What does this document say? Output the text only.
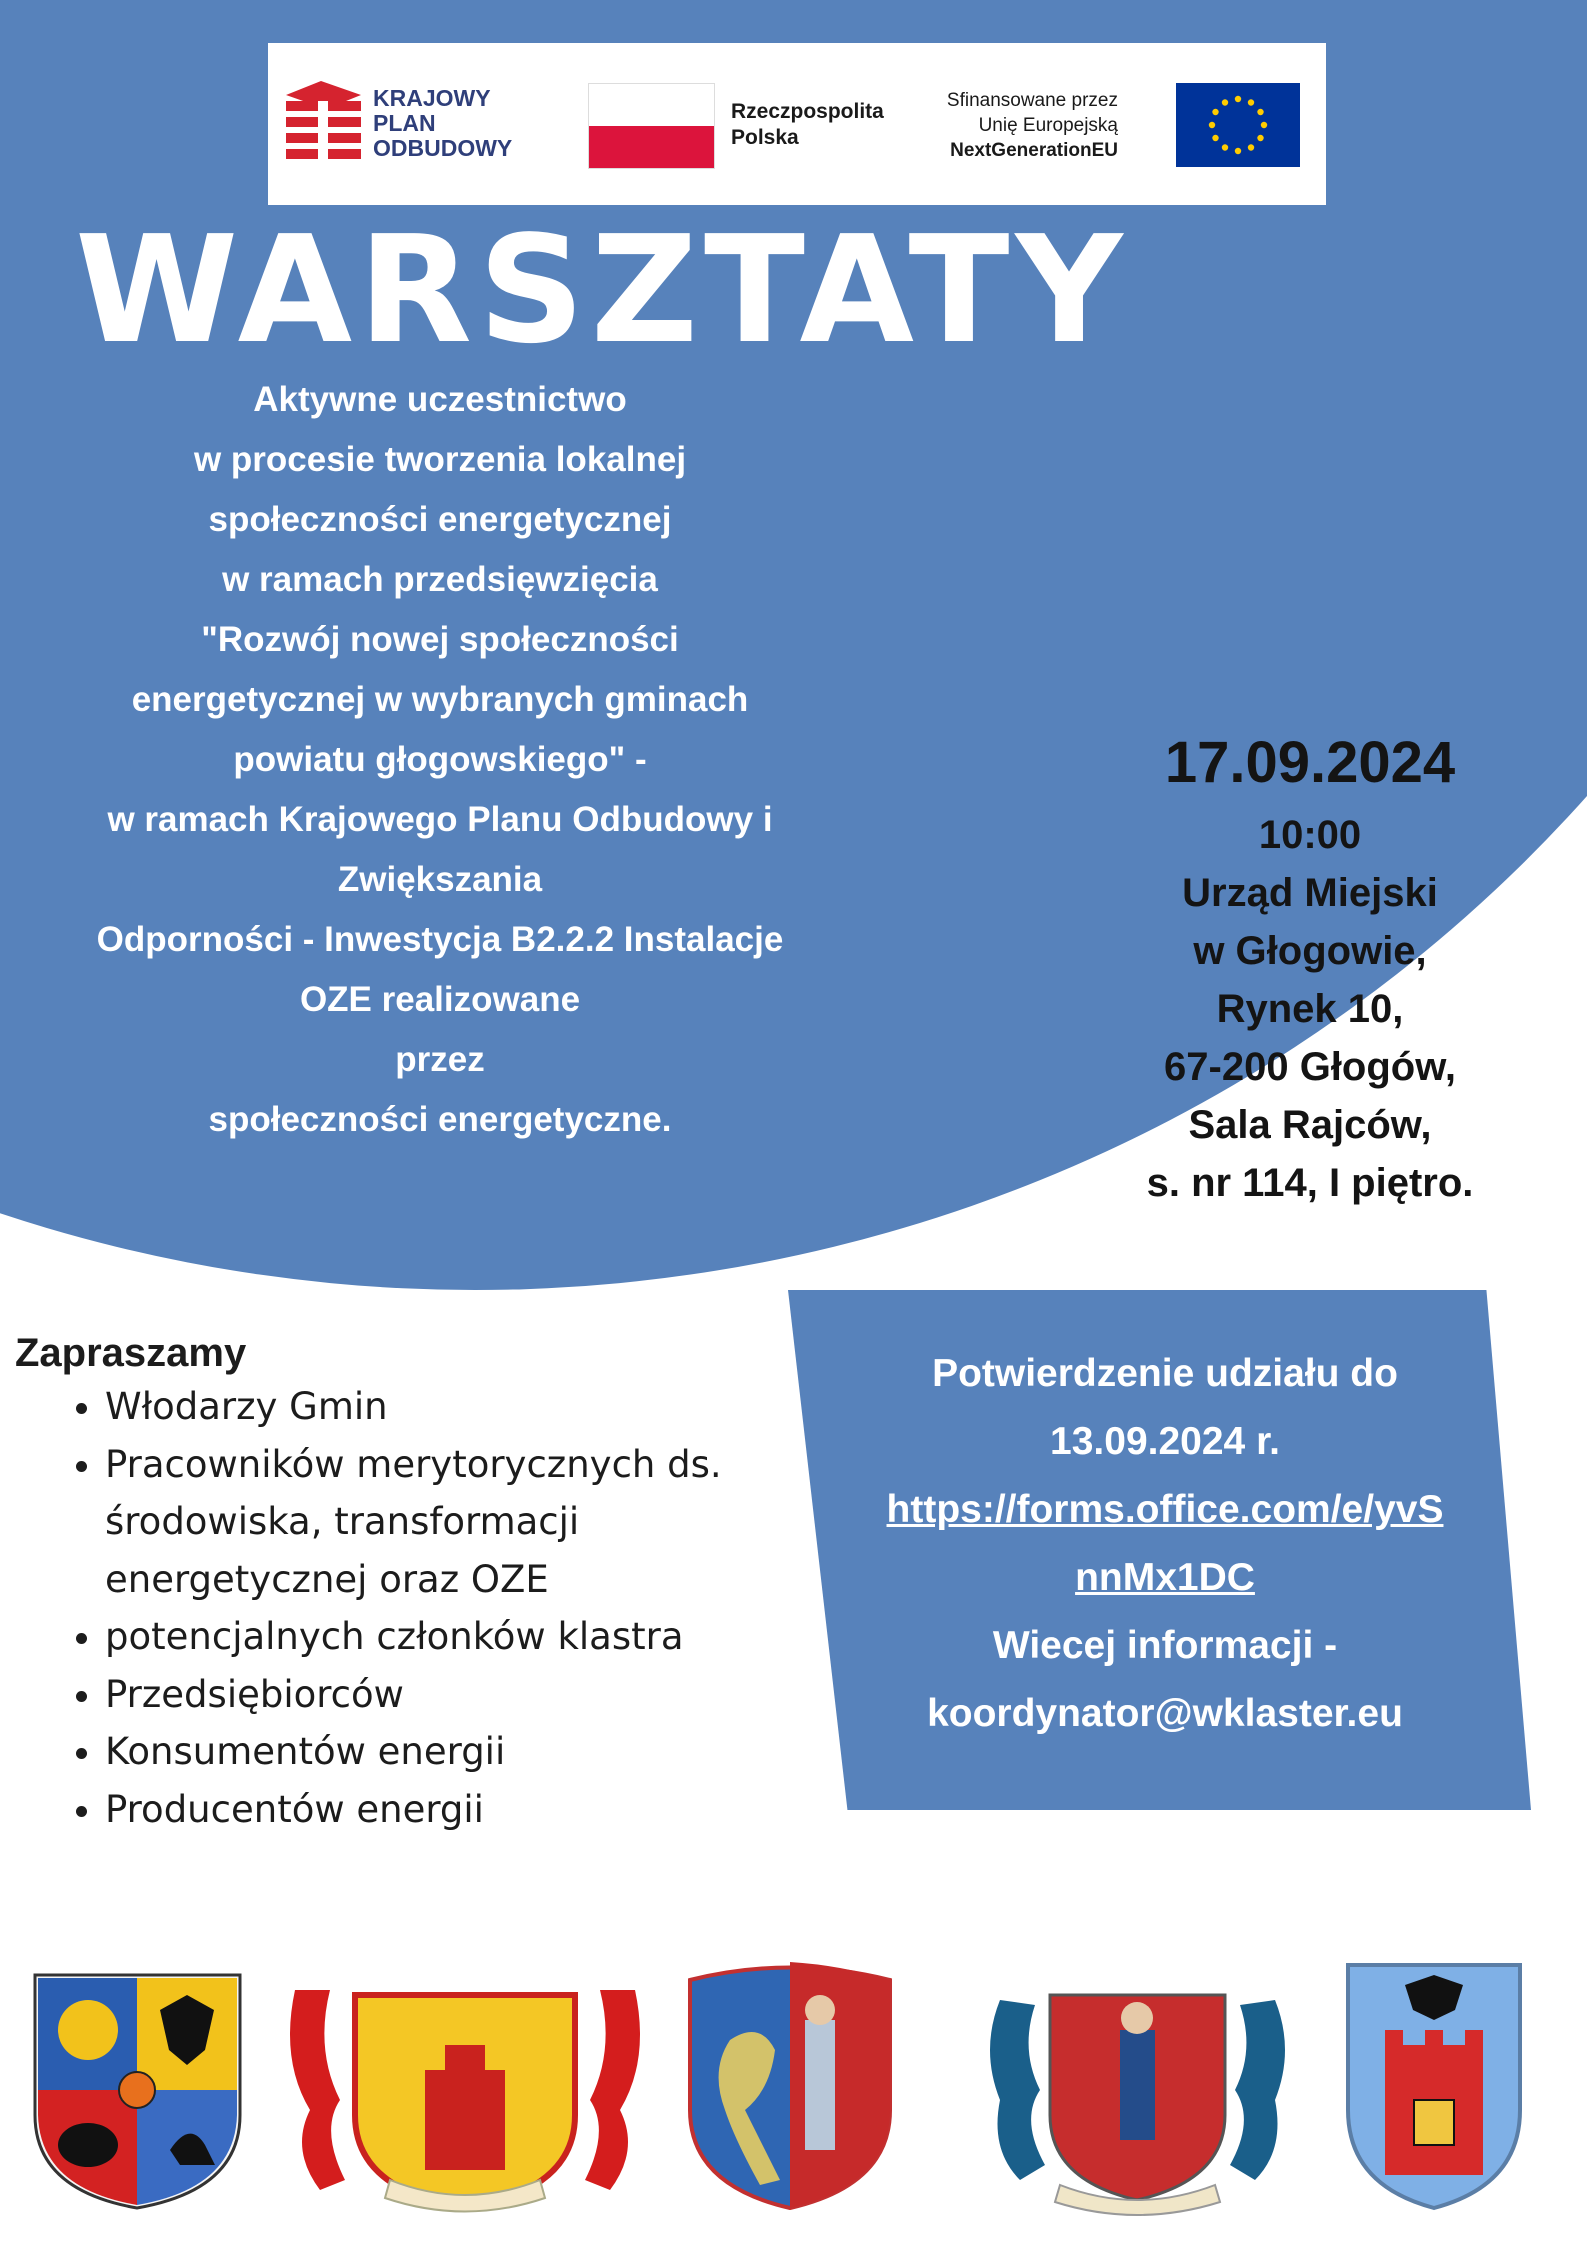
KRAJOWY
PLAN
ODBUDOWY
Rzeczpospolita
Polska
Sfinansowane przez
Unię Europejską
NextGenerationEU
WARSZTATY
Aktywne uczestnictwo
w procesie tworzenia lokalnej
społeczności energetycznej
w ramach przedsięwzięcia
"Rozwój nowej społeczności
energetycznej w wybranych gminach
powiatu głogowskiego" -
w ramach Krajowego Planu Odbudowy i
Zwiększania
Odporności - Inwestycja B2.2.2 Instalacje
OZE realizowane
przez
społeczności energetyczne.
17.09.2024
10:00
Urząd Miejski
w Głogowie,
Rynek 10,
67-200 Głogów,
Sala Rajców,
s. nr 114, I piętro.
Zapraszamy
• Włodarzy Gmin
• Pracowników merytorycznych ds.
środowiska, transformacji
energetycznej oraz OZE
• potencjalnych członków klastra
• Przedsiębiorców
• Konsumentów energii
• Producentów energii
Potwierdzenie udziału do
13.09.2024 r.
https://forms.office.com/e/yvS
nnMx1DC
Wiecej informacji -
koordynator@wklaster.eu
